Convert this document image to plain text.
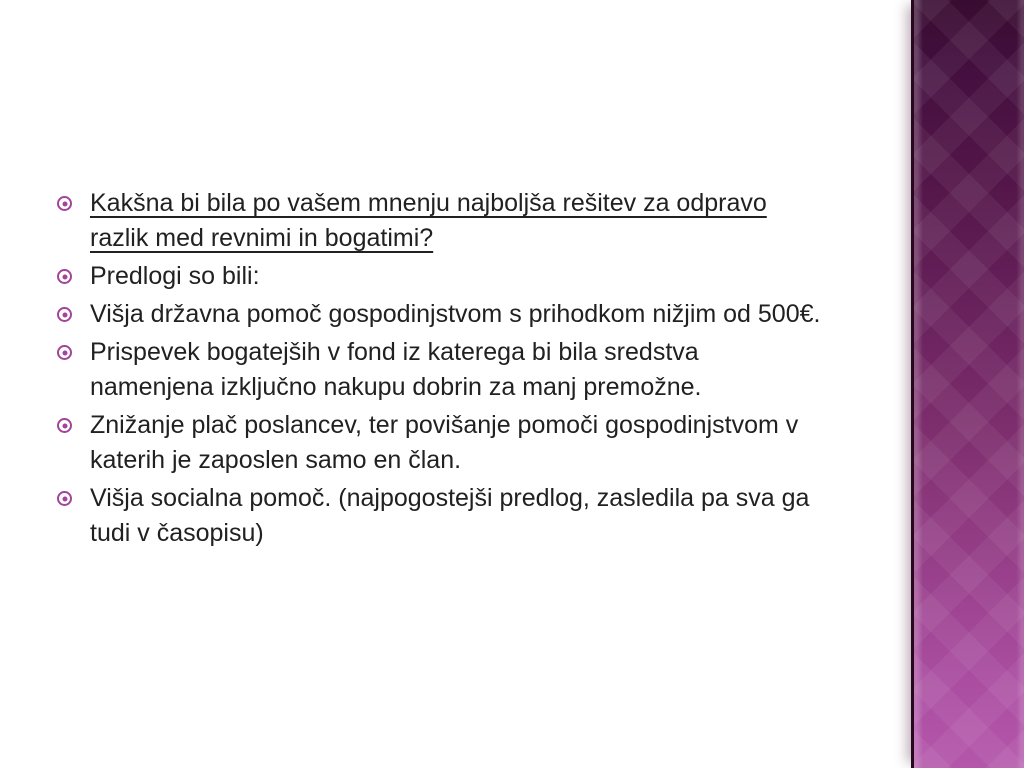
Kakšna bi bila po vašem mnenju najboljša rešitev za odpravo
razlik med revnimi in bogatimi?
Predlogi so bili:
Višja državna pomoč gospodinjstvom s prihodkom nižjim od 500€.
Prispevek bogatejših v fond iz katerega bi bila sredstva
namenjena izključno nakupu dobrin za manj premožne.
Znižanje plač poslancev, ter povišanje pomoči gospodinjstvom v
katerih je zaposlen samo en član.
Višja socialna pomoč. (najpogostejši predlog, zasledila pa sva ga
tudi v časopisu)
